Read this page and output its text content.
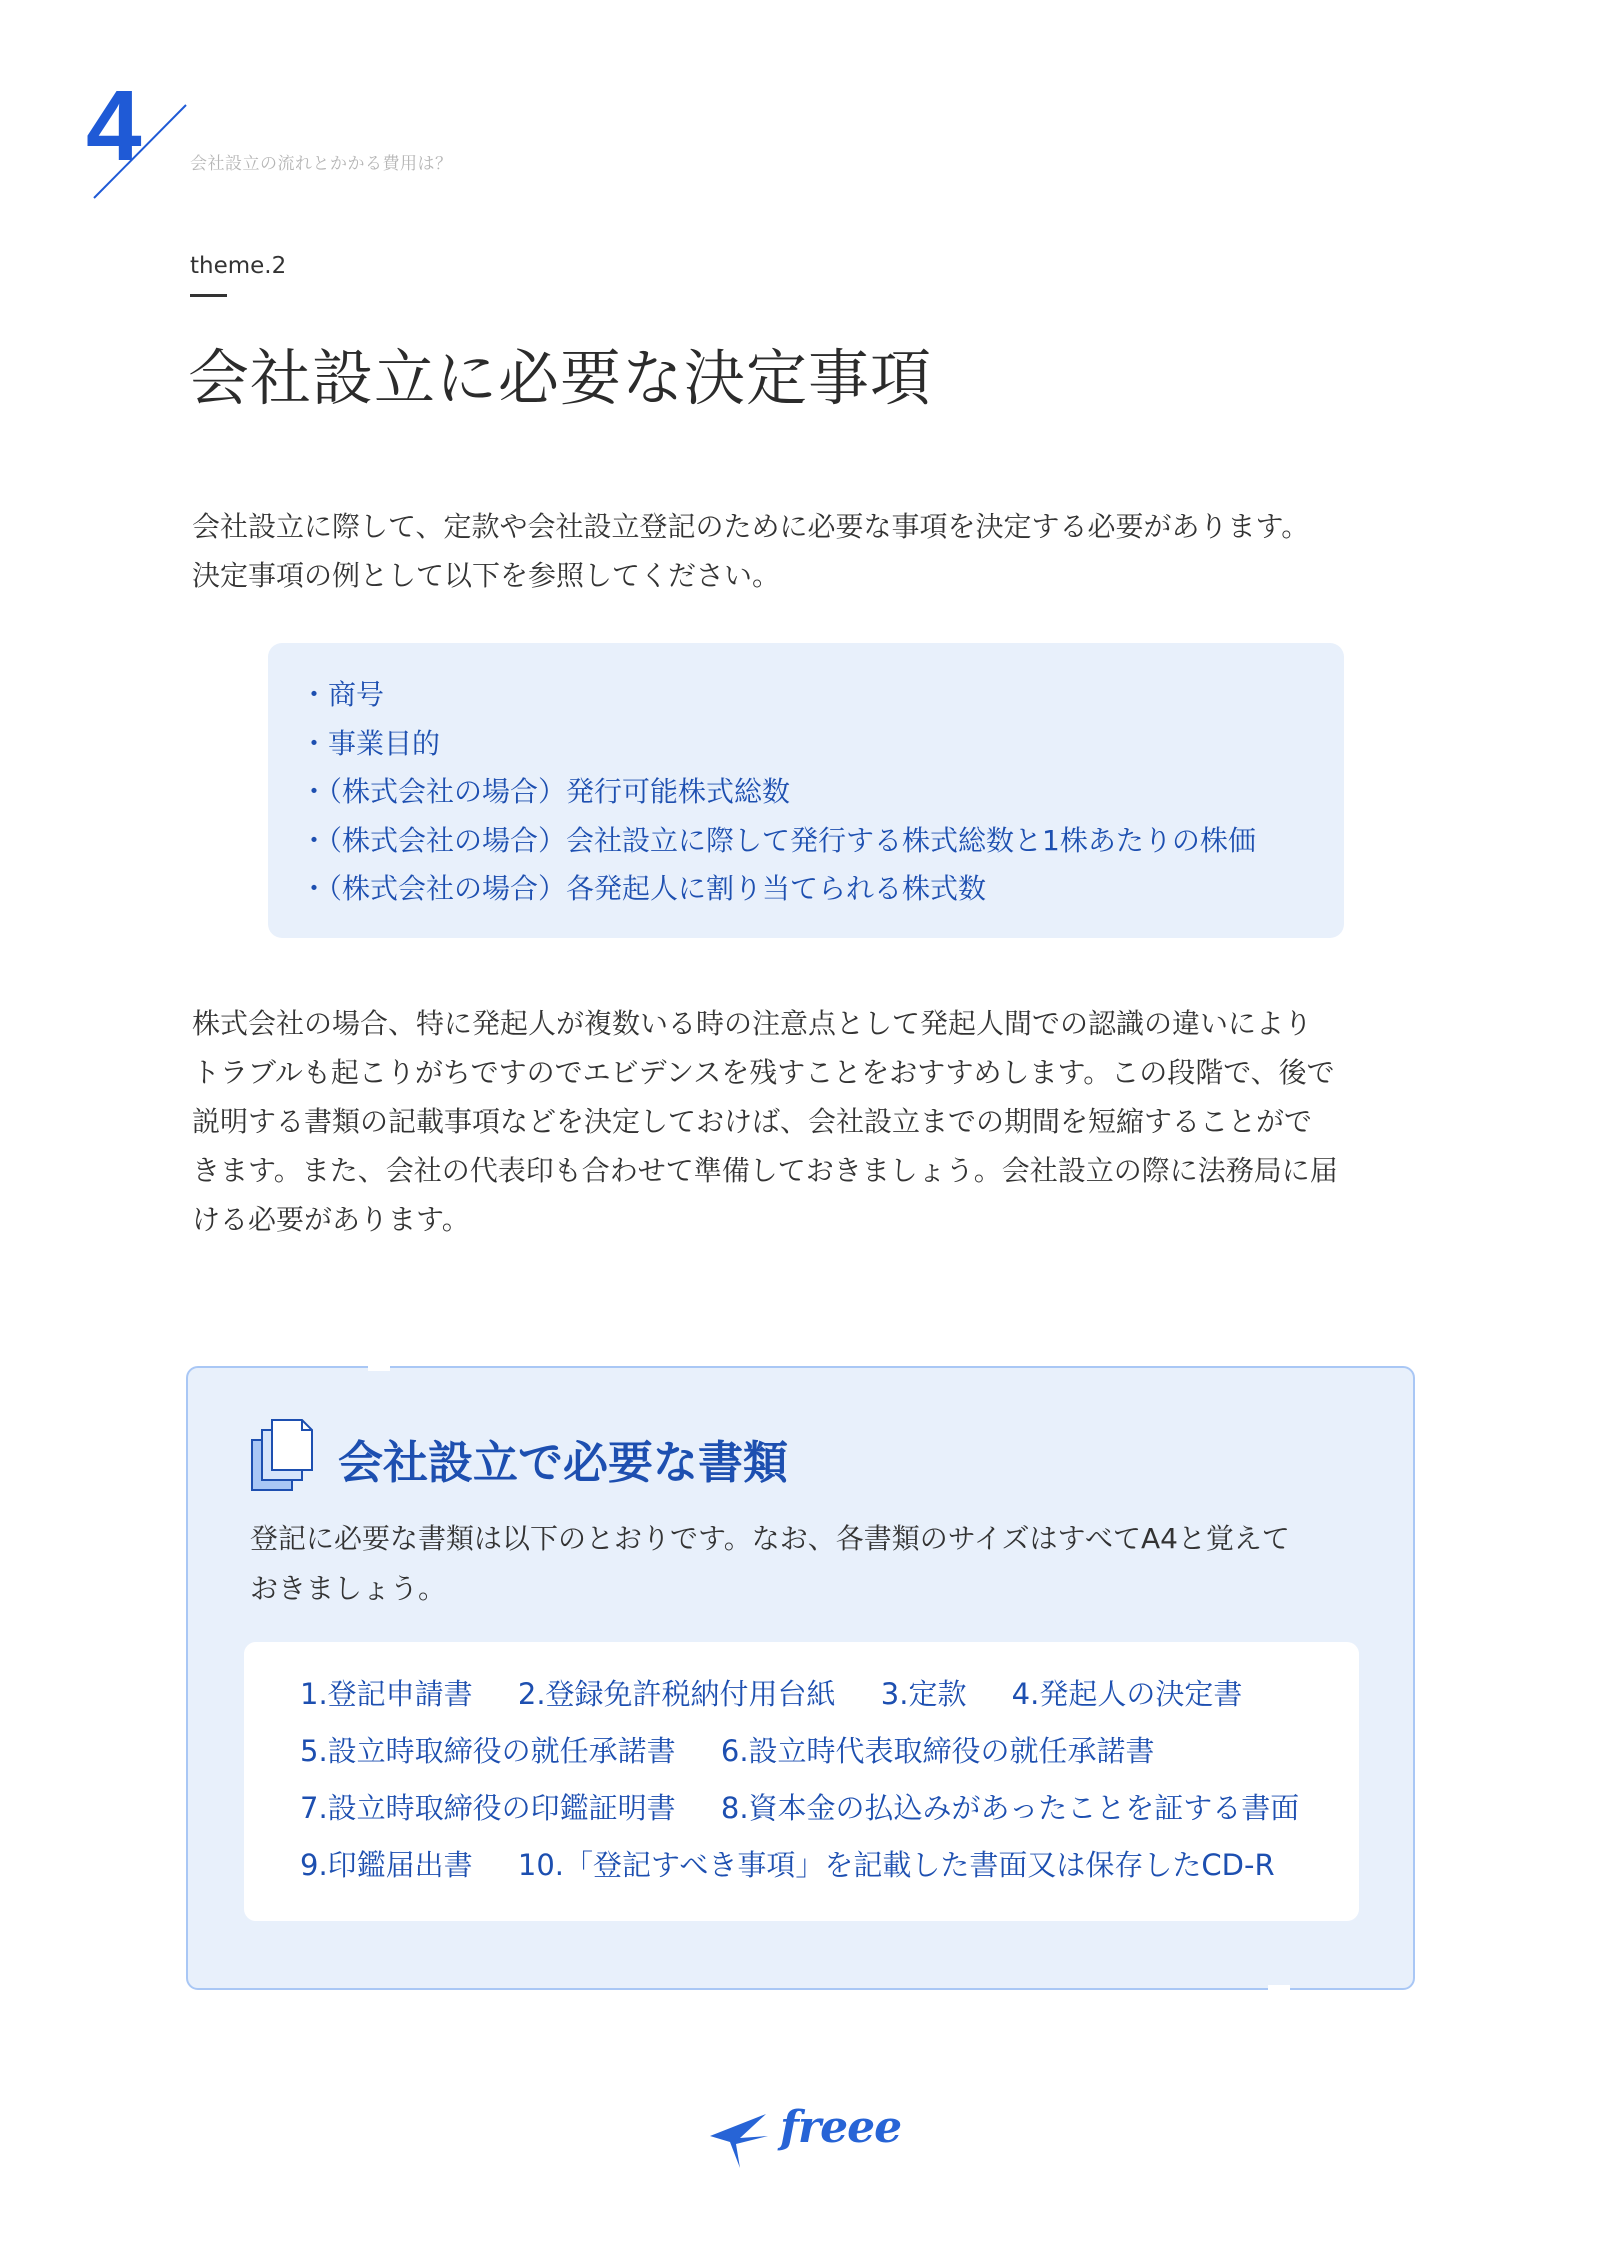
4	会社設立の流れとかかる費用は？
theme.2
会社設立に必要な決定事項

会社設立に際して、定款や会社設立登記のために必要な事項を決定する必要があります。
決定事項の例として以下を参照してください。

・商号
・事業目的
・（株式会社の場合）発行可能株式総数
・（株式会社の場合）会社設立に際して発行する株式総数と1株あたりの株価
・（株式会社の場合）各発起人に割り当てられる株式数
株式会社の場合、特に発起人が複数いる時の注意点として発起人間での認識の違いにより
トラブルも起こりがちですのでエビデンスを残すことをおすすめします。この段階で、後で
説明する書類の記載事項などを決定しておけば、会社設立までの期間を短縮することがで
きます。また、会社の代表印も合わせて準備しておきましょう。会社設立の際に法務局に届
ける必要があります。
会社設立で必要な書類
登記に必要な書類は以下のとおりです。なお、各書類のサイズはすべてA4と覚えて
おきましょう。
1.登記申請書 2.登録免許税納付用台紙 3.定款 4.発起人の決定書
5.設立時取締役の就任承諾書 6.設立時代表取締役の就任承諾書
7.設立時取締役の印鑑証明書 8.資本金の払込みがあったことを証する書面
9.印鑑届出書 10.「登記すべき事項」を記載した書面又は保存したCD-R
freee
